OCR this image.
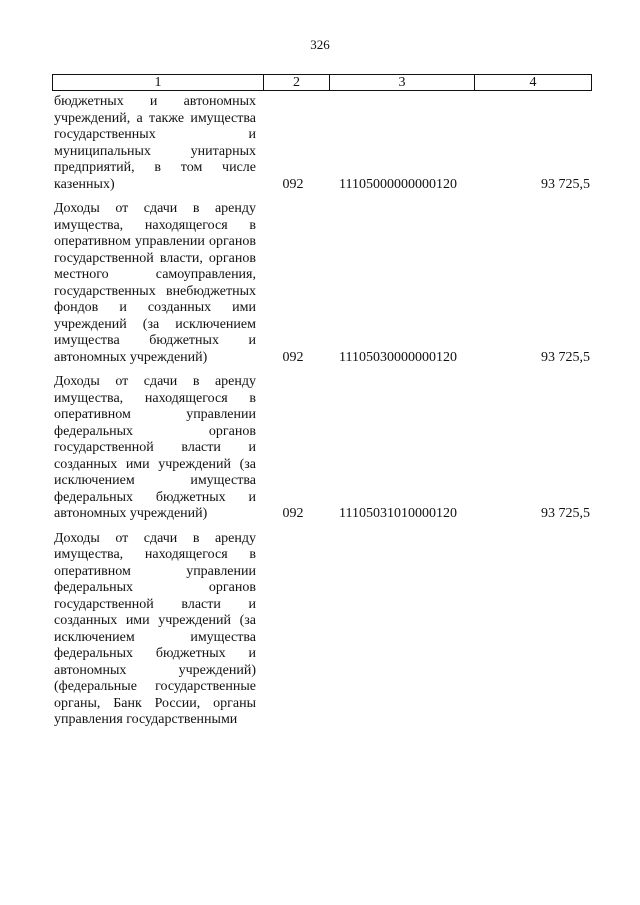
326
1	2	3	4
бюджетных и автономных учреждений, а также имущества государственных и муниципальных унитарных предприятий, в том числе казенных)	092	11105000000000120	93 725,5
Доходы от сдачи в аренду имущества, находящегося в оперативном управлении органов государственной власти, органов местного самоуправления, государственных внебюджетных фондов и созданных ими учреждений (за исключением имущества бюджетных и автономных учреждений)	092	11105030000000120	93 725,5
Доходы от сдачи в аренду имущества, находящегося в оперативном управлении федеральных органов государственной власти и созданных ими учреждений (за исключением имущества федеральных бюджетных и автономных учреждений)	092	11105031010000120	93 725,5
Доходы от сдачи в аренду имущества, находящегося в оперативном управлении федеральных органов государственной власти и созданных ими учреждений (за исключением имущества федеральных бюджетных и автономных учреждений) (федеральные государственные органы, Банк России, органы управления государственными
